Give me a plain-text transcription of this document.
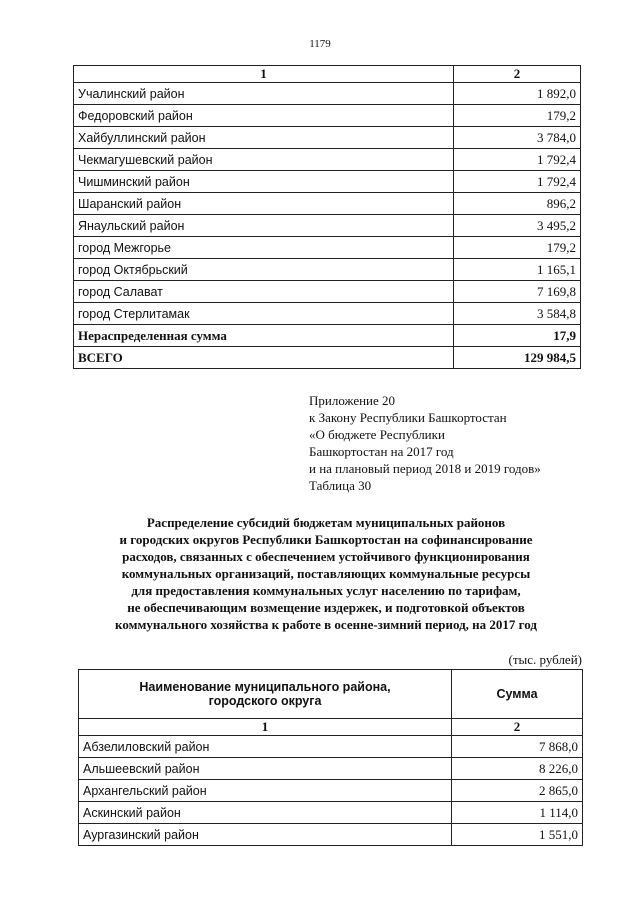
1179
1	2
Учалинский район	1 892,0
Федоровский район	179,2
Хайбуллинский район	3 784,0
Чекмагушевский район	1 792,4
Чишминский район	1 792,4
Шаранский район	896,2
Янаульский район	3 495,2
город Межгорье	179,2
город Октябрьский	1 165,1
город Салават	7 169,8
город Стерлитамак	3 584,8
Нераспределенная сумма	17,9
ВСЕГО	129 984,5
Приложение 20
к Закону Республики Башкортостан
«О бюджете Республики
Башкортостан на 2017 год
и на плановый период 2018 и 2019 годов»
Таблица 30
Распределение субсидий бюджетам муниципальных районов
и городских округов Республики Башкортостан на софинансирование
расходов, связанных с обеспечением устойчивого функционирования
коммунальных организаций, поставляющих коммунальные ресурсы
для предоставления коммунальных услуг населению по тарифам,
не обеспечивающим возмещение издержек, и подготовкой объектов
коммунального хозяйства к работе в осенне-зимний период, на 2017 год
(тыс. рублей)
Наименование муниципального района,
городского округа	Сумма
1	2
Абзелиловский район	7 868,0
Альшеевский район	8 226,0
Архангельский район	2 865,0
Аскинский район	1 114,0
Аургазинский район	1 551,0
